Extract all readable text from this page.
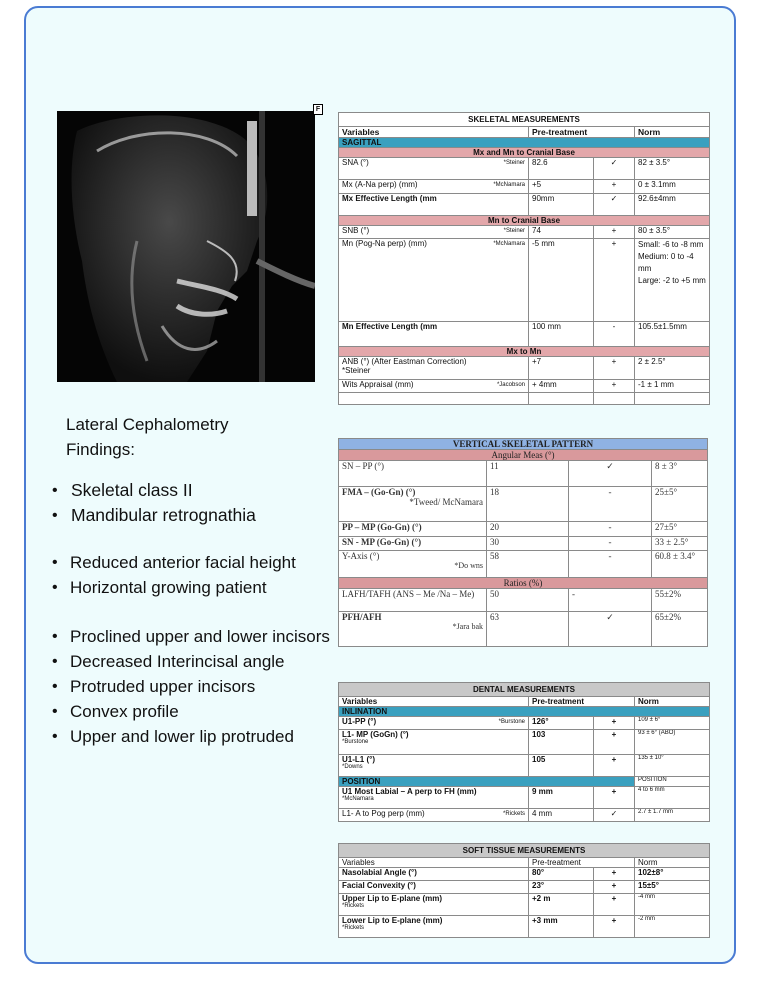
F
Lateral Cephalometry Findings:
• Skeletal class II
• Mandibular retrognathia
• Reduced anterior facial height
• Horizontal growing patient
• Proclined upper and lower incisors
• Decreased Interincisal angle
• Protruded upper incisors
• Convex profile
• Upper and lower lip protruded
SKELETAL MEASUREMENTS			
Variables	Pre-treatment		Norm
SAGITTAL			
Mx and Mn to Cranial Base			
SNA (°) *Steiner	82.6	✓	82 ± 3.5°
Mx (A-Na perp) (mm) *McNamara	+5	+	0 ± 3.1mm
Mx Effective Length (mm	90mm	✓	92.6±4mm
Mn to Cranial Base			
SNB (°) *Steiner	74	+	80 ± 3.5°
Mn (Pog-Na perp) (mm) *McNamara	-5 mm	+	Small: -6 to -8 mm
Medium: 0 to -4 mm
Large: -2 to +5 mm
Mn Effective Length (mm	100 mm	-	105.5±1.5mm
Mx to Mn			
ANB (°) (After Eastman Correction)
*Steiner	+7	+	2 ± 2.5°
Wits Appraisal (mm) *Jacobson	+ 4mm	+	-1 ± 1 mm

VERTICAL SKELETAL PATTERN			
Angular Meas (°)			
SN – PP (°)	11	✓	8 ± 3°
FMA – (Go-Gn) (°)
*Tweed/ McNamara	18	-	25±5°
PP – MP (Go-Gn) (°)	20	-	27±5°
SN - MP (Go-Gn) (°)	30	-	33 ± 2.5°
Y-Axis (°)
*Do wns	58	-	60.8 ± 3.4°
Ratios (%)			
LAFH/TAFH (ANS – Me /Na – Me)	50	-	55±2%
PFH/AFH
*Jara bak	63	✓	65±2%
DENTAL MEASUREMENTS			
Variables	Pre-treatment		Norm
INLINATION			
U1-PP (°) *Burstone	126°	+	109 ± 6°
L1- MP (GoGn) (°)
*Burstone	103	+	93 ± 6° (ABO)
U1-L1 (°)
*Downs	105	+	135 ± 10°
POSITION			POSITION
U1 Most Labial – A perp to FH (mm)
*McNamara	9 mm	+	4 to 6 mm
L1- A to Pog perp (mm) *Rickets	4 mm	✓	2.7 ± 1.7 mm
SOFT TISSUE MEASUREMENTS			
Variables	Pre-treatment		Norm
Nasolabial Angle (°)	80°	+	102±8°
Facial Convexity (°)	23°	+	15±5°
Upper Lip to E-plane (mm)
*Rickets	+2 m	+	-4 mm
Lower Lip to E-plane (mm)
*Rickets	+3 mm	+	-2 mm
